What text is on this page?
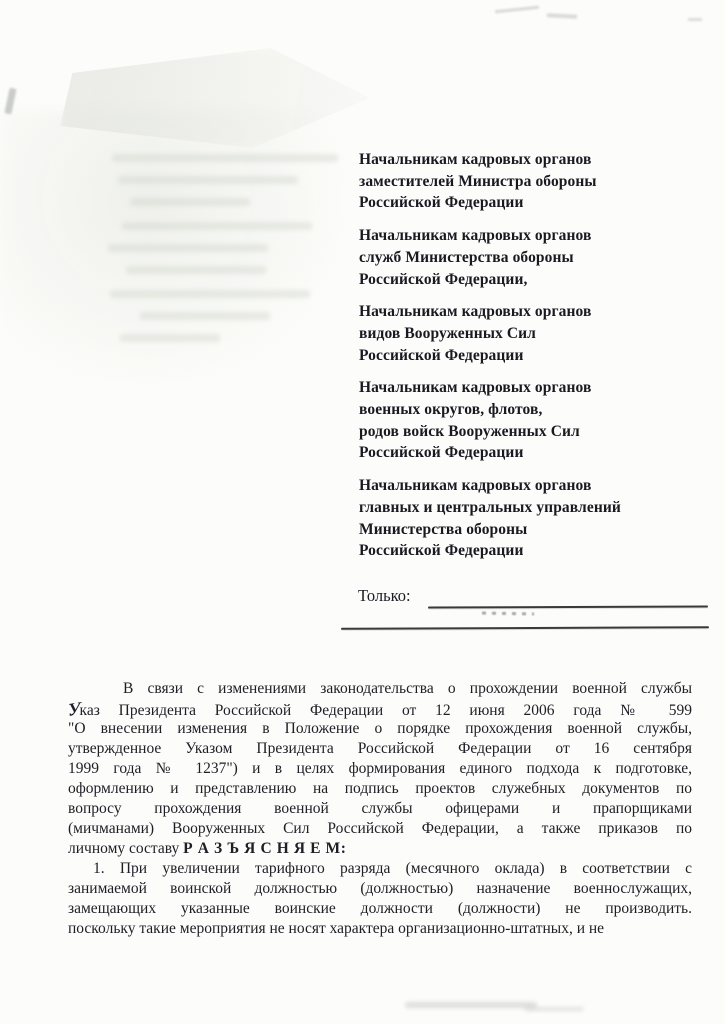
Начальникам кадровых органов
заместителей Министра обороны
Российской Федерации
Начальникам кадровых органов
служб Министерства обороны
Российской Федерации,
Начальникам кадровых органов
видов Вооруженных Сил
Российской Федерации
Начальникам кадровых органов
военных округов, флотов,
родов войск Вооруженных Сил
Российской Федерации
Начальникам кадровых органов
главных и центральных управлений
Министерства обороны
Российской Федерации
Только:
В связи с изменениями законодательства о прохождении военной службы
Указ Президента Российской Федерации от 12 июня 2006 года № 599
"О внесении изменения в Положение о порядке прохождения военной службы,
утвержденное Указом Президента Российской Федерации от 16 сентября
1999 года № 1237") и в целях формирования единого подхода к подготовке,
оформлению и представлению на подпись проектов служебных документов по
вопросу прохождения военной службы офицерами и прапорщиками
(мичманами) Вооруженных Сил Российской Федерации, а также приказов по
личному составу Р А З Ъ Я С Н Я Е М:
1. При увеличении тарифного разряда (месячного оклада) в соответствии с
занимаемой воинской должностью (должностью) назначение военнослужащих,
замещающих указанные воинские должности (должности) не производить.
поскольку такие мероприятия не носят характера организационно-штатных, и не
